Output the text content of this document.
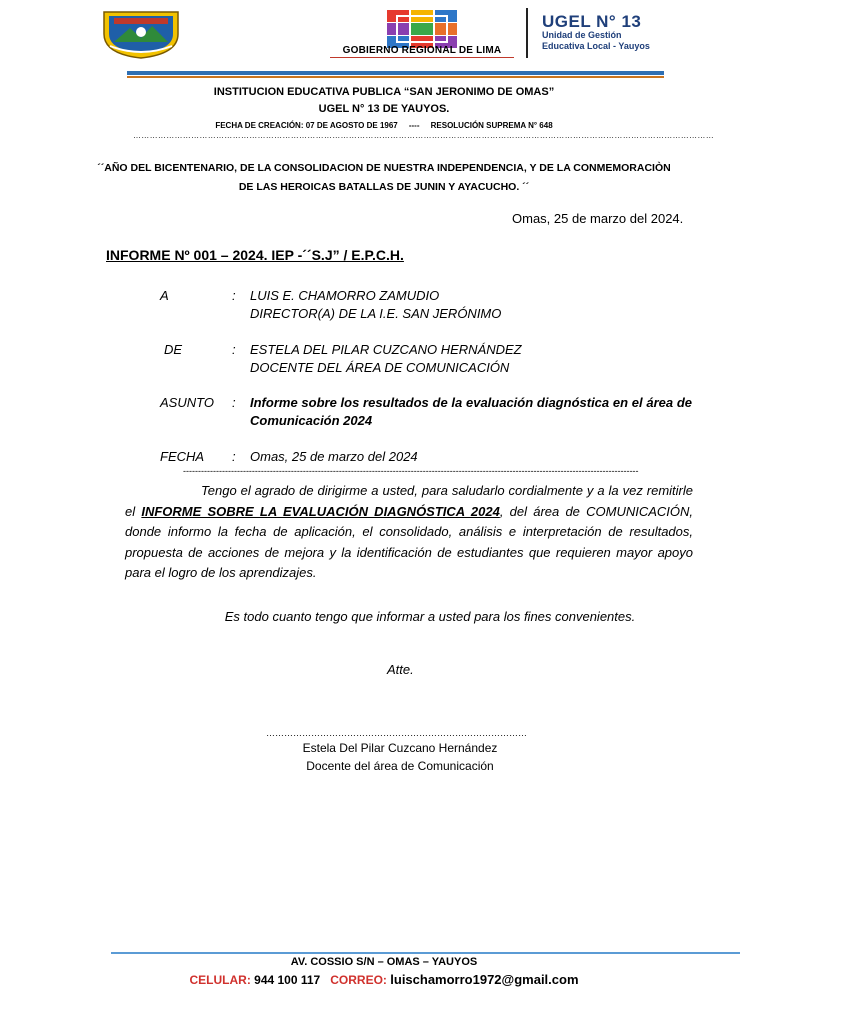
GOBIERNO REGIONAL DE LIMA
UGEL N° 13
Unidad de Gestión
Educativa Local - Yauyos
INSTITUCION EDUCATIVA PUBLICA “SAN JERONIMO DE OMAS”
UGEL N° 13 DE YAUYOS.
FECHA DE CREACIÓN: 07 DE AGOSTO DE 1967     ----     RESOLUCIÓN SUPREMA N° 648
…………………………………………………………………………………………………………………………………………………………………………………………
´´AÑO DEL BICENTENARIO, DE LA CONSOLIDACION DE NUESTRA INDEPENDENCIA, Y DE LA CONMEMORACIÒN
DE LAS HEROICAS BATALLAS DE JUNIN Y AYACUCHO. ´´
Omas, 25 de marzo del 2024.
INFORME Nº 001 – 2024. IEP -´´S.J” / E.P.C.H.
A	: LUIS E. CHAMORRO ZAMUDIO
DIRECTOR(A) DE LA I.E. SAN JERÓNIMO
DE	: ESTELA DEL PILAR CUZCANO HERNÁNDEZ
DOCENTE DEL ÁREA DE COMUNICACIÓN
ASUNTO : Informe sobre los resultados de la evaluación diagnóstica en el área de
Comunicación 2024
FECHA : Omas, 25 de marzo del 2024
--------------------------------------------------------------------------------------------------------------------------------------------------------
Tengo el agrado de dirigirme a usted, para saludarlo cordialmente y a la vez remitirle el INFORME SOBRE LA EVALUACIÓN DIAGNÓSTICA 2024, del área de COMUNICACIÓN, donde informo la fecha de aplicación, el consolidado, análisis e interpretación de resultados, propuesta de acciones de mejora y la identificación de estudiantes que requieren mayor apoyo para el logro de los aprendizajes.
Es todo cuanto tengo que informar a usted para los fines convenientes.
Atte.
……………………………………………………………………………
Estela Del Pilar Cuzcano Hernández
Docente del área de Comunicación
AV. COSSIO S/N – OMAS – YAUYOS
CELULAR: 944 100 117 CORREO: luischamorro1972@gmail.com
